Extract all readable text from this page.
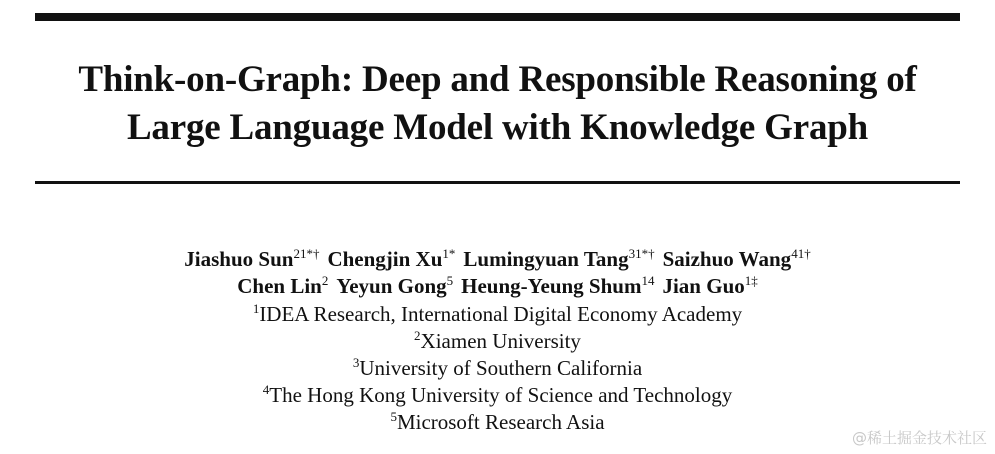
Think-on-Graph: Deep and Responsible Reasoning of
Large Language Model with Knowledge Graph
Jiashuo Sun$^{21*\dagger}$ Chengjin $Xu^{1*}$ Lumingyuan Tang$^{31*\dagger}$ Saizhuo Wang$^{41\dagger}$
Chen Lin$^2$ Yeyun Gong$^5$ Heung-Yeung Shum$^{14}$ Jian Guo$^{1\ddagger}$
$^1$IDEA Research, International Digital Economy Academy
$^2$Xiamen University
$^3$University of Southern California
$^4$The Hong Kong University of Science and Technology
$^5$Microsoft Research Asia
@稀土掘金技术社区
